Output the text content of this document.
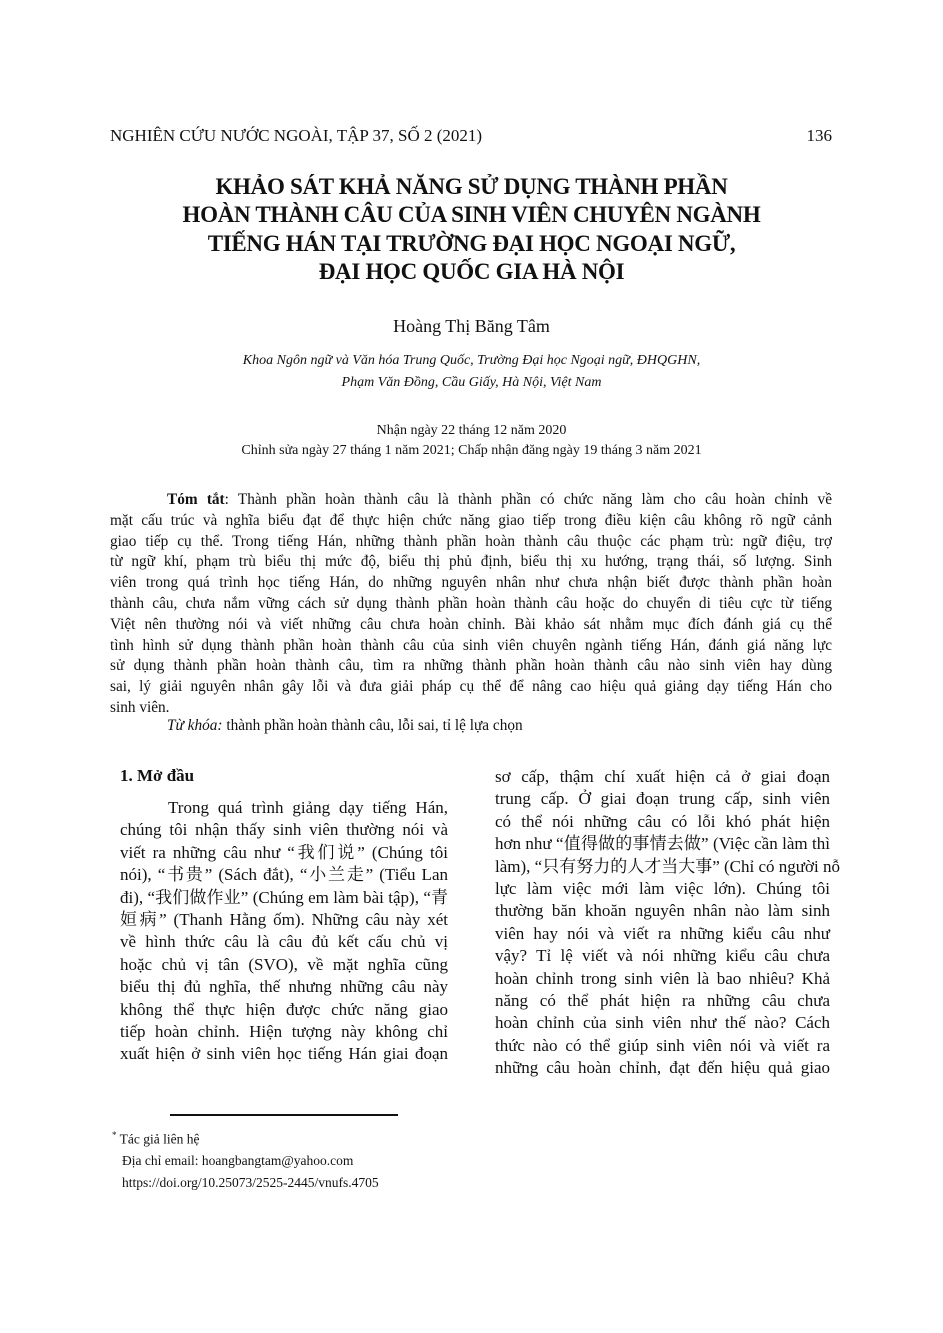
NGHIÊN CỨU NƯỚC NGOÀI, TẬP 37, SỐ 2 (2021)	136
KHẢO SÁT KHẢ NĂNG SỬ DỤNG THÀNH PHẦN
HOÀN THÀNH CÂU CỦA SINH VIÊN CHUYÊN NGÀNH
TIẾNG HÁN TẠI TRƯỜNG ĐẠI HỌC NGOẠI NGỮ,
ĐẠI HỌC QUỐC GIA HÀ NỘI
Hoàng Thị Băng Tâm
Khoa Ngôn ngữ và Văn hóa Trung Quốc, Trường Đại học Ngoại ngữ, ĐHQGHN,
Phạm Văn Đồng, Cầu Giấy, Hà Nội, Việt Nam
Nhận ngày 22 tháng 12 năm 2020
Chỉnh sửa ngày 27 tháng 1 năm 2021; Chấp nhận đăng ngày 19 tháng 3 năm 2021
Tóm tắt: Thành phần hoàn thành câu là thành phần có chức năng làm cho câu hoàn chỉnh về
mặt cấu trúc và nghĩa biểu đạt để thực hiện chức năng giao tiếp trong điều kiện câu không rõ ngữ cảnh
giao tiếp cụ thể. Trong tiếng Hán, những thành phần hoàn thành câu thuộc các phạm trù: ngữ điệu, trợ
từ ngữ khí, phạm trù biểu thị mức độ, biểu thị phủ định, biểu thị xu hướng, trạng thái, số lượng. Sinh
viên trong quá trình học tiếng Hán, do những nguyên nhân như chưa nhận biết được thành phần hoàn
thành câu, chưa nắm vững cách sử dụng thành phần hoàn thành câu hoặc do chuyển di tiêu cực từ tiếng
Việt nên thường nói và viết những câu chưa hoàn chỉnh. Bài khảo sát nhằm mục đích đánh giá cụ thể
tình hình sử dụng thành phần hoàn thành câu của sinh viên chuyên ngành tiếng Hán, đánh giá năng lực
sử dụng thành phần hoàn thành câu, tìm ra những thành phần hoàn thành câu nào sinh viên hay dùng
sai, lý giải nguyên nhân gây lỗi và đưa giải pháp cụ thể để nâng cao hiệu quả giảng dạy tiếng Hán cho
sinh viên.
Từ khóa: thành phần hoàn thành câu, lỗi sai, tỉ lệ lựa chọn
1. Mở đầu
Trong quá trình giảng dạy tiếng Hán,
chúng tôi nhận thấy sinh viên thường nói và
viết ra những câu như “我们说” (Chúng tôi
nói), “书贵” (Sách đắt), “小兰走” (Tiểu Lan
đi), “我们做作业” (Chúng em làm bài tập), “青
姮病” (Thanh Hằng ốm). Những câu này xét
về hình thức câu là câu đủ kết cấu chủ vị
hoặc chủ vị tân (SVO), về mặt nghĩa cũng
biểu thị đủ nghĩa, thế nhưng những câu này
không thể thực hiện được chức năng giao
tiếp hoàn chỉnh. Hiện tượng này không chỉ
xuất hiện ở sinh viên học tiếng Hán giai đoạn
sơ cấp, thậm chí xuất hiện cả ở giai đoạn
trung cấp. Ở giai đoạn trung cấp, sinh viên
có thể nói những câu có lỗi khó phát hiện
hơn như “值得做的事情去做” (Việc cần làm thì
làm), “只有努力的人才当大事” (Chỉ có người nỗ
lực làm việc mới làm việc lớn). Chúng tôi
thường băn khoăn nguyên nhân nào làm sinh
viên hay nói và viết ra những kiểu câu như
vậy? Tỉ lệ viết và nói những kiểu câu chưa
hoàn chỉnh trong sinh viên là bao nhiêu? Khả
năng có thể phát hiện ra những câu chưa
hoàn chỉnh của sinh viên như thế nào? Cách
thức nào có thể giúp sinh viên nói và viết ra
những câu hoàn chỉnh, đạt đến hiệu quả giao
* Tác giả liên hệ
Địa chỉ email: hoangbangtam@yahoo.com
https://doi.org/10.25073/2525-2445/vnufs.4705
